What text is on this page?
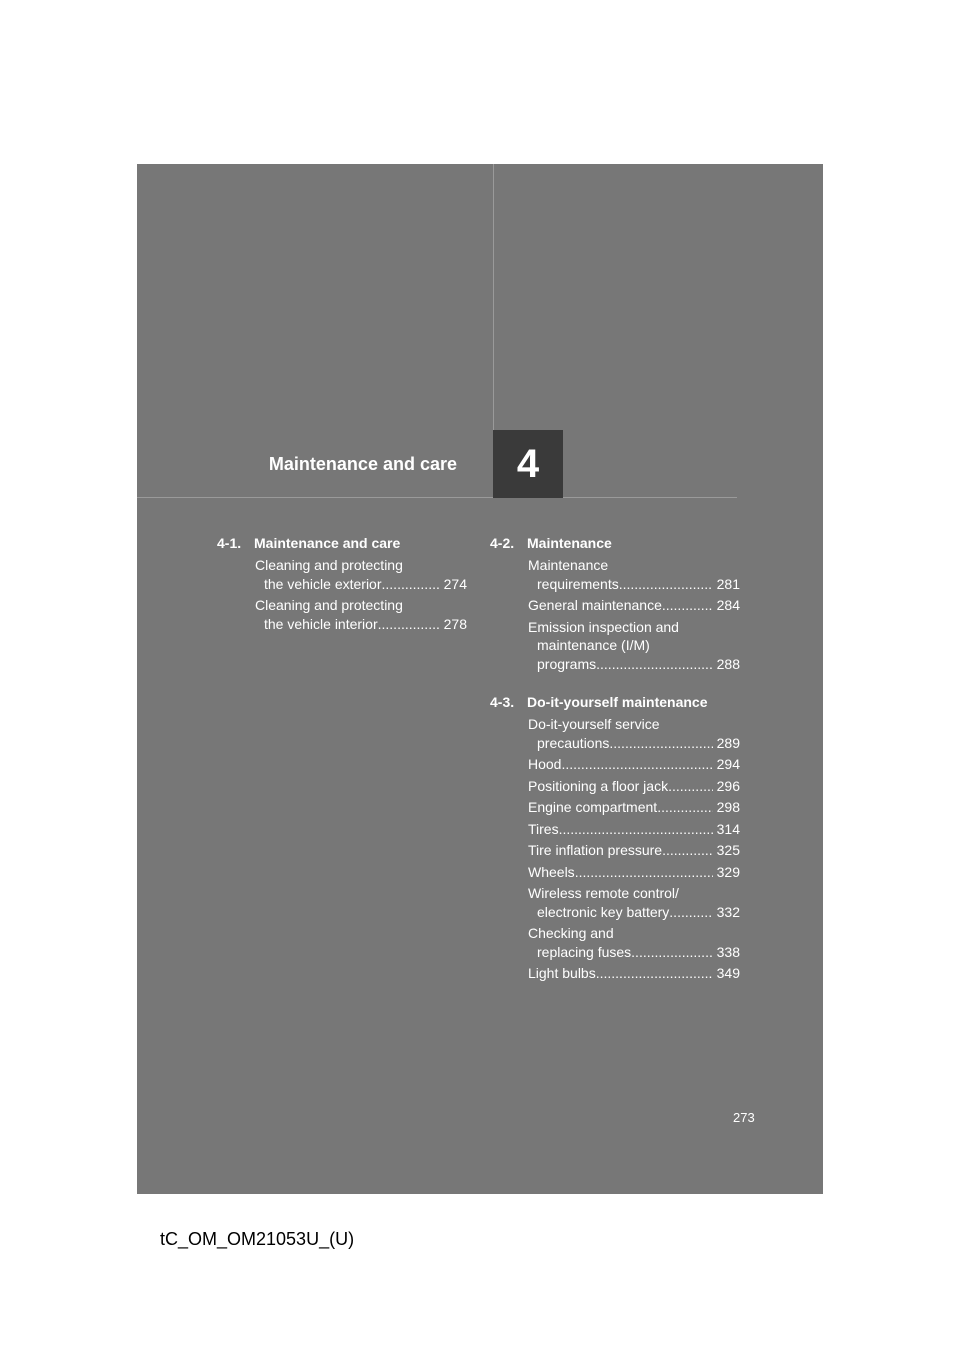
Maintenance and care 4
4-1. Maintenance and care
Cleaning and protecting
the vehicle exterior .....	274
Cleaning and protecting
the vehicle interior .....	278
4-2. Maintenance
Maintenance
requirements .....	281
General maintenance .....	284
Emission inspection and
maintenance (I/M)
programs .....	288
4-3. Do-it-yourself maintenance
Do-it-yourself service
precautions .....	289
Hood .....	294
Positioning a floor jack .....	296
Engine compartment .....	298
Tires .....	314
Tire inflation pressure .....	325
Wheels .....	329
Wireless remote control/
electronic key battery .....	332
Checking and
replacing fuses .....	338
Light bulbs .....	349
273
tC_OM_OM21053U_(U)
